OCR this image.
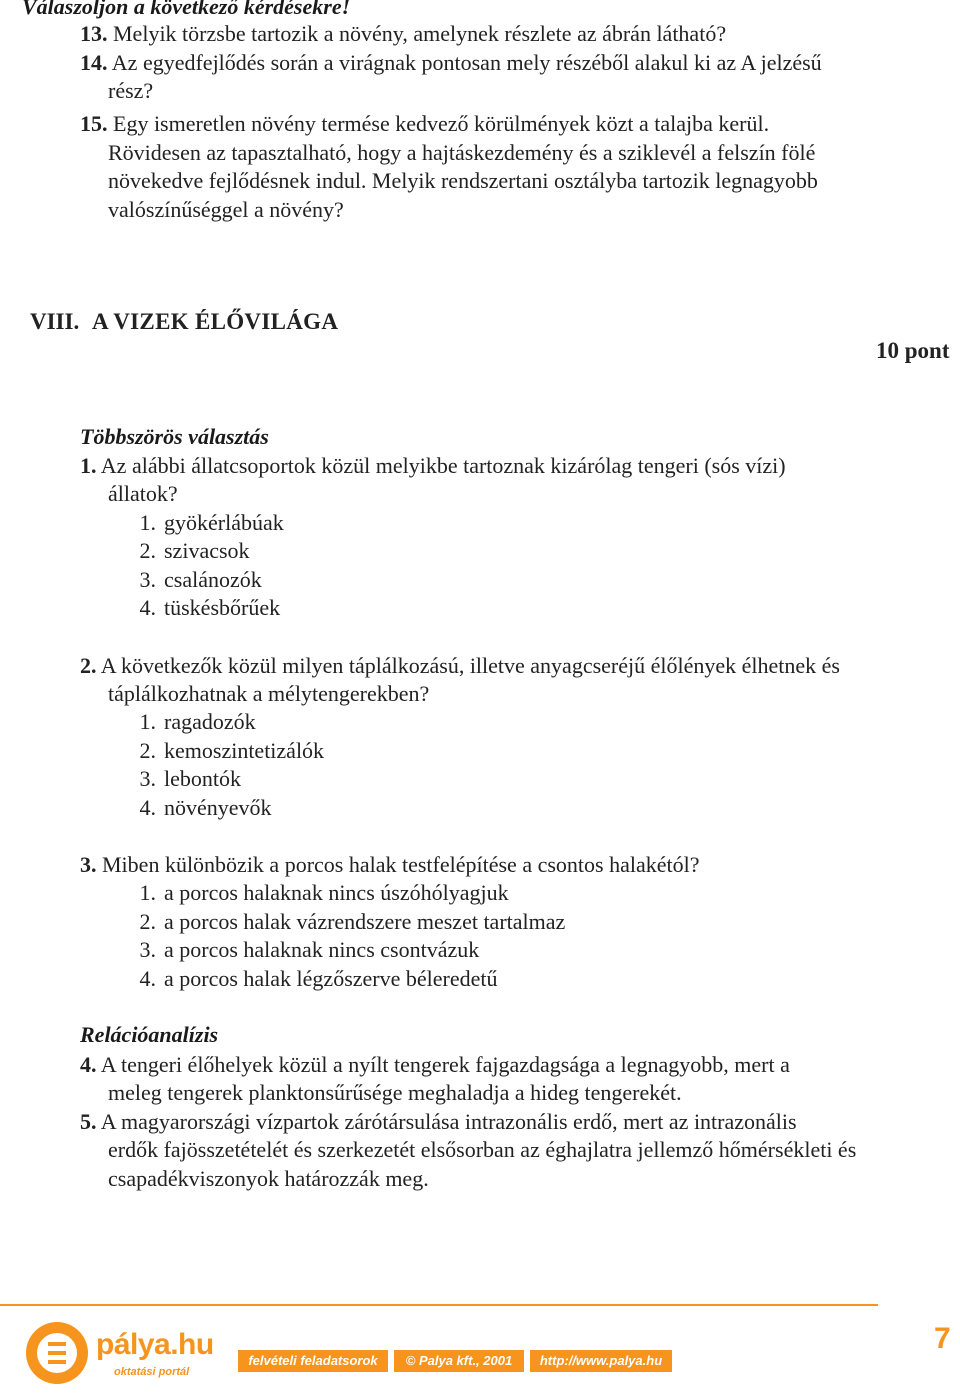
Válaszoljon a következő kérdésekre!
13. Melyik törzsbe tartozik a növény, amelynek részlete az ábrán látható?
14. Az egyedfejlődés során a virágnak pontosan mely részéből alakul ki az A jelzésű
rész?
15. Egy ismeretlen növény termése kedvező körülmények közt a talajba kerül.
Rövidesen az tapasztalható, hogy a hajtáskezdemény és a sziklevél a felszín fölé
növekedve fejlődésnek indul. Melyik rendszertani osztályba tartozik legnagyobb
valószínűséggel a növény?
VIII. A VIZEK ÉLŐVILÁGA
10 pont
Többszörös választás
1. Az alábbi állatcsoportok közül melyikbe tartoznak kizárólag tengeri (sós vízi)
állatok?
1. gyökérlábúak
2. szivacsok
3. csalánozók
4. tüskésbőrűek
2. A következők közül milyen táplálkozású, illetve anyagcseréjű élőlények élhetnek és
táplálkozhatnak a mélytengerekben?
1. ragadozók
2. kemoszintetizálók
3. lebontók
4. növényevők
3. Miben különbözik a porcos halak testfelépítése a csontos halakétól?
1. a porcos halaknak nincs úszóhólyagjuk
2. a porcos halak vázrendszere meszet tartalmaz
3. a porcos halaknak nincs csontvázuk
4. a porcos halak légzőszerve béleredetű
Relációanalízis
4. A tengeri élőhelyek közül a nyílt tengerek fajgazdagsága a legnagyobb, mert a
meleg tengerek planktonsűrűsége meghaladja a hideg tengerekét.
5. A magyarországi vízpartok zárótársulása intrazonális erdő, mert az intrazonális
erdők fajösszetételét és szerkezetét elsősorban az éghajlatra jellemző hőmérsékleti és
csapadékviszonyok határozzák meg.
pálya.hu
oktatási portál
felvételi feladatsorok	© Palya kft., 2001	http://www.palya.hu
7
